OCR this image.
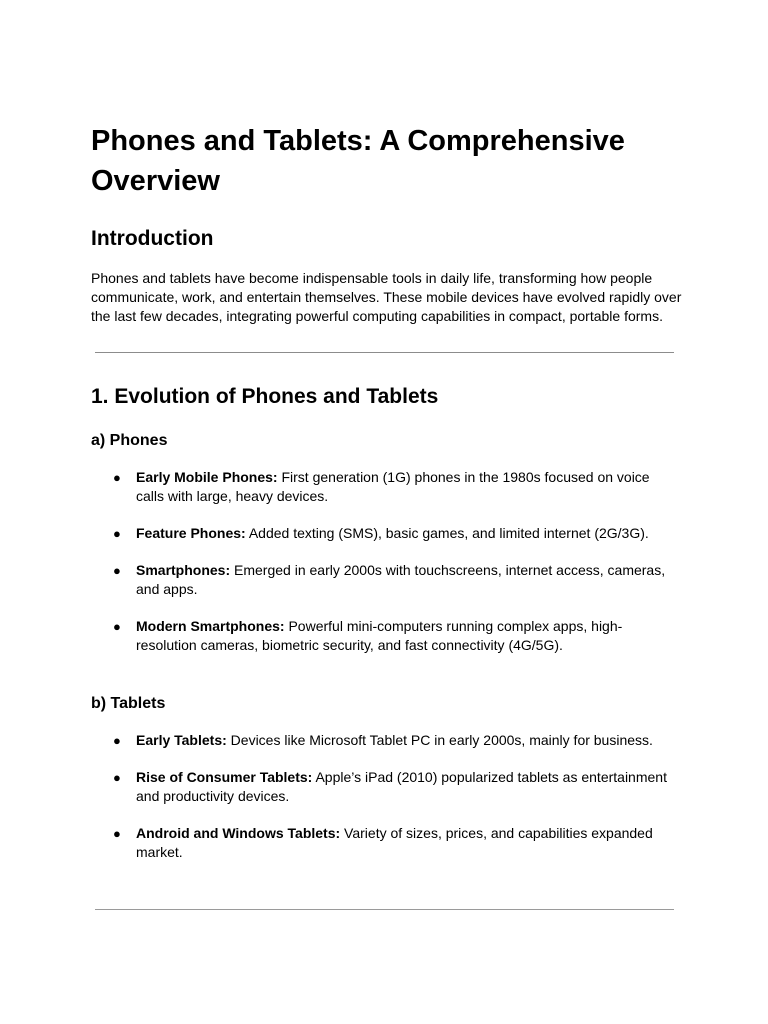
Phones and Tablets: A Comprehensive Overview
Introduction

Phones and tablets have become indispensable tools in daily life, transforming how people communicate, work, and entertain themselves. These mobile devices have evolved rapidly over the last few decades, integrating powerful computing capabilities in compact, portable forms.

1. Evolution of Phones and Tablets
a) Phones
● Early Mobile Phones: First generation (1G) phones in the 1980s focused on voice calls with large, heavy devices.
● Feature Phones: Added texting (SMS), basic games, and limited internet (2G/3G).
● Smartphones: Emerged in early 2000s with touchscreens, internet access, cameras, and apps.
● Modern Smartphones: Powerful mini-computers running complex apps, high-resolution cameras, biometric security, and fast connectivity (4G/5G).
b) Tablets
● Early Tablets: Devices like Microsoft Tablet PC in early 2000s, mainly for business.
● Rise of Consumer Tablets: Apple’s iPad (2010) popularized tablets as entertainment and productivity devices.
● Android and Windows Tablets: Variety of sizes, prices, and capabilities expanded market.
